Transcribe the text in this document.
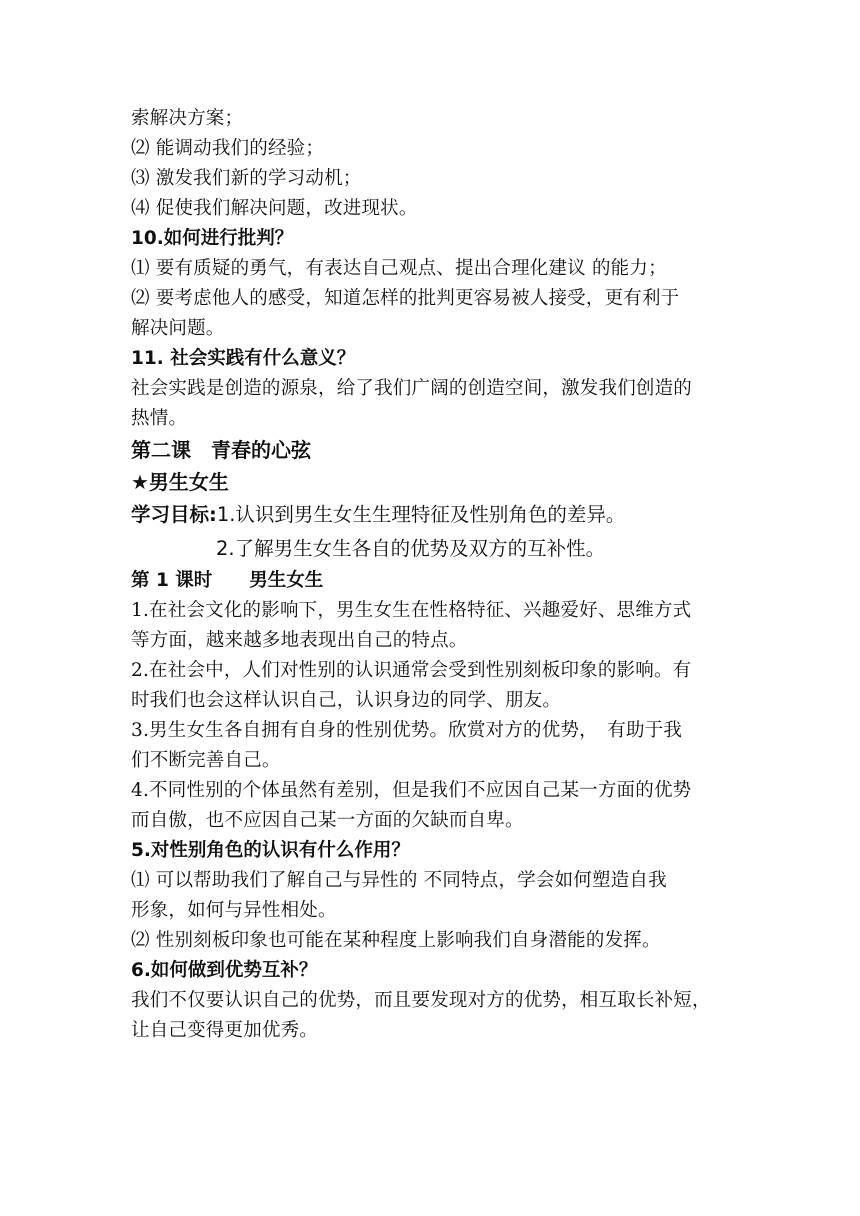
索解决方案；
⑵ 能调动我们的经验；
⑶ 激发我们新的学习动机；
⑷ 促使我们解决问题，改进现状。
10.如何进行批判？
⑴ 要有质疑的勇气，有表达自己观点、提出合理化建议 的能力；
⑵ 要考虑他人的感受，知道怎样的批判更容易被人接受，更有利于
解决问题。
11. 社会实践有什么意义？
社会实践是创造的源泉，给了我们广阔的创造空间，激发我们创造的
热情。
第二课　青春的心弦
★男生女生
学习目标:1.认识到男生女生生理特征及性别角色的差异。
2.了解男生女生各自的优势及双方的互补性。
第 1 课时　　男生女生
1.在社会文化的影响下，男生女生在性格特征、兴趣爱好、思维方式
等方面，越来越多地表现出自己的特点。
2.在社会中，人们对性别的认识通常会受到性别刻板印象的影响。有
时我们也会这样认识自己，认识身边的同学、朋友。
3.男生女生各自拥有自身的性别优势。欣赏对方的优势，　有助于我
们不断完善自己。
4.不同性别的个体虽然有差别，但是我们不应因自己某一方面的优势
而自傲，也不应因自己某一方面的欠缺而自卑。
5.对性别角色的认识有什么作用？
⑴ 可以帮助我们了解自己与异性的 不同特点，学会如何塑造自我
形象，如何与异性相处。
⑵ 性别刻板印象也可能在某种程度上影响我们自身潜能的发挥。
6.如何做到优势互补？
我们不仅要认识自己的优势，而且要发现对方的优势，相互取长补短，
让自己变得更加优秀。
